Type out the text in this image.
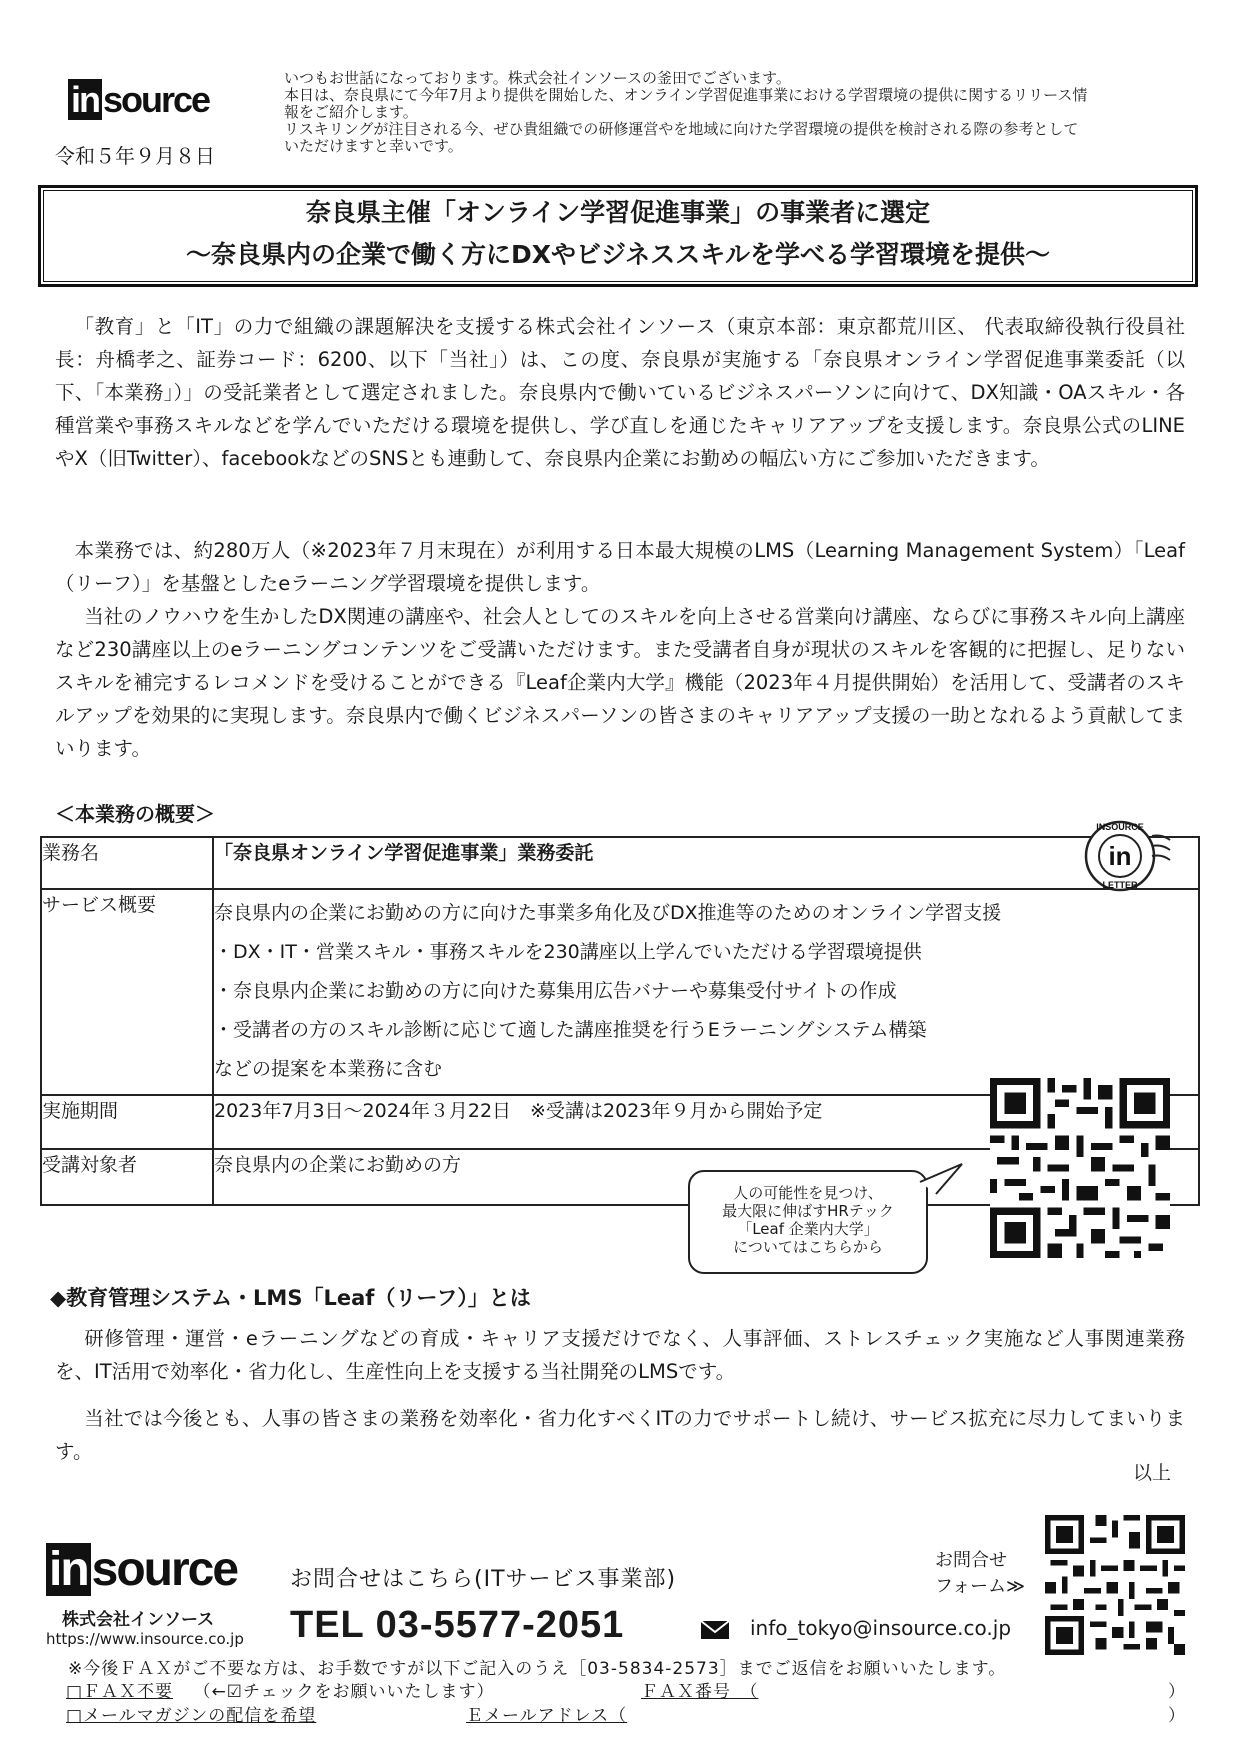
in source
令和５年９月８日
いつもお世話になっております。株式会社インソースの釜田でございます。
本日は、奈良県にて今年7月より提供を開始した、オンライン学習促進事業における学習環境の提供に関するリリース情
報をご紹介します。
リスキリングが注目される今、ぜひ貴組織での研修運営やを地域に向けた学習環境の提供を検討される際の参考として
いただけますと幸いです。
奈良県主催「オンライン学習促進事業」の事業者に選定
～奈良県内の企業で働く方にDXやビジネススキルを学べる学習環境を提供～

「教育」と「IT」の力で組織の課題解決を支援する株式会社インソース（東京本部：東京都荒川区、 代表取締役執行役員社長：舟橋孝之、証券コード：6200、以下「当社」）は、この度、奈良県が実施する「奈良県オンライン学習促進事業委託（以下、「本業務」）」の受託業者として選定されました。奈良県内で働いているビジネスパーソンに向けて、DX知識・OAスキル・各種営業や事務スキルなどを学んでいただける環境を提供し、学び直しを通じたキャリアアップを支援します。奈良県公式のLINEやX（旧Twitter）、facebookなどのSNSとも連動して、奈良県内企業にお勤めの幅広い方にご参加いただきます。

本業務では、約280万人（※2023年７月末現在）が利用する日本最大規模のLMS（Learning Management System）「Leaf（リーフ）」を基盤としたeラーニング学習環境を提供します。

当社のノウハウを生かしたDX関連の講座や、社会人としてのスキルを向上させる営業向け講座、ならびに事務スキル向上講座など230講座以上のeラーニングコンテンツをご受講いただけます。また受講者自身が現状のスキルを客観的に把握し、足りないスキルを補完するレコメンドを受けることができる『Leaf企業内大学』機能（2023年４月提供開始）を活用して、受講者のスキルアップを効果的に実現します。奈良県内で働くビジネスパーソンの皆さまのキャリアアップ支援の一助となれるよう貢献してまいります。

＜本業務の概要＞
業務名	「奈良県オンライン学習促進事業」業務委託
サービス概要	奈良県内の企業にお勤めの方に向けた事業多角化及びDX推進等のためのオンライン学習支援
・DX・IT・営業スキル・事務スキルを230講座以上学んでいただける学習環境提供
・奈良県内企業にお勤めの方に向けた募集用広告バナーや募集受付サイトの作成
・受講者の方のスキル診断に応じて適した講座推奨を行うEラーニングシステム構築
などの提案を本業務に含む

実施期間	2023年7月3日～2024年３月22日　※受講は2023年９月から開始予定
受講対象者	奈良県内の企業にお勤めの方
INSOURCE
in
LETTER
人の可能性を見つけ、
最大限に伸ばすHRテック
「Leaf 企業内大学」
についてはこちらから
◆教育管理システム・LMS「Leaf（リーフ）」とは

研修管理・運営・eラーニングなどの育成・キャリア支援だけでなく、人事評価、ストレスチェック実施など人事関連業務を、IT活用で効率化・省力化し、生産性向上を支援する当社開発のLMSです。

当社では今後とも、人事の皆さまの業務を効率化・省力化すべくITの力でサポートし続け、サービス拡充に尽力してまいります。

以上
insource
株式会社インソース
https://www.insource.co.jp
お問合せはこちら(ITサービス事業部)
TEL 03-5577-2051	info_tokyo@insource.co.jp
お問合せ
フォーム≫
※今後ＦＡＸがご不要な方は、お手数ですが以下ご記入のうえ［03-5834-2573］までご返信をお願いいたします。
□ＦＡＸ不要 （←☑チェックをお願いいたします）	ＦＡＸ番号　（	）
□メールマガジンの配信を希望	Ｅメールアドレス（	）
